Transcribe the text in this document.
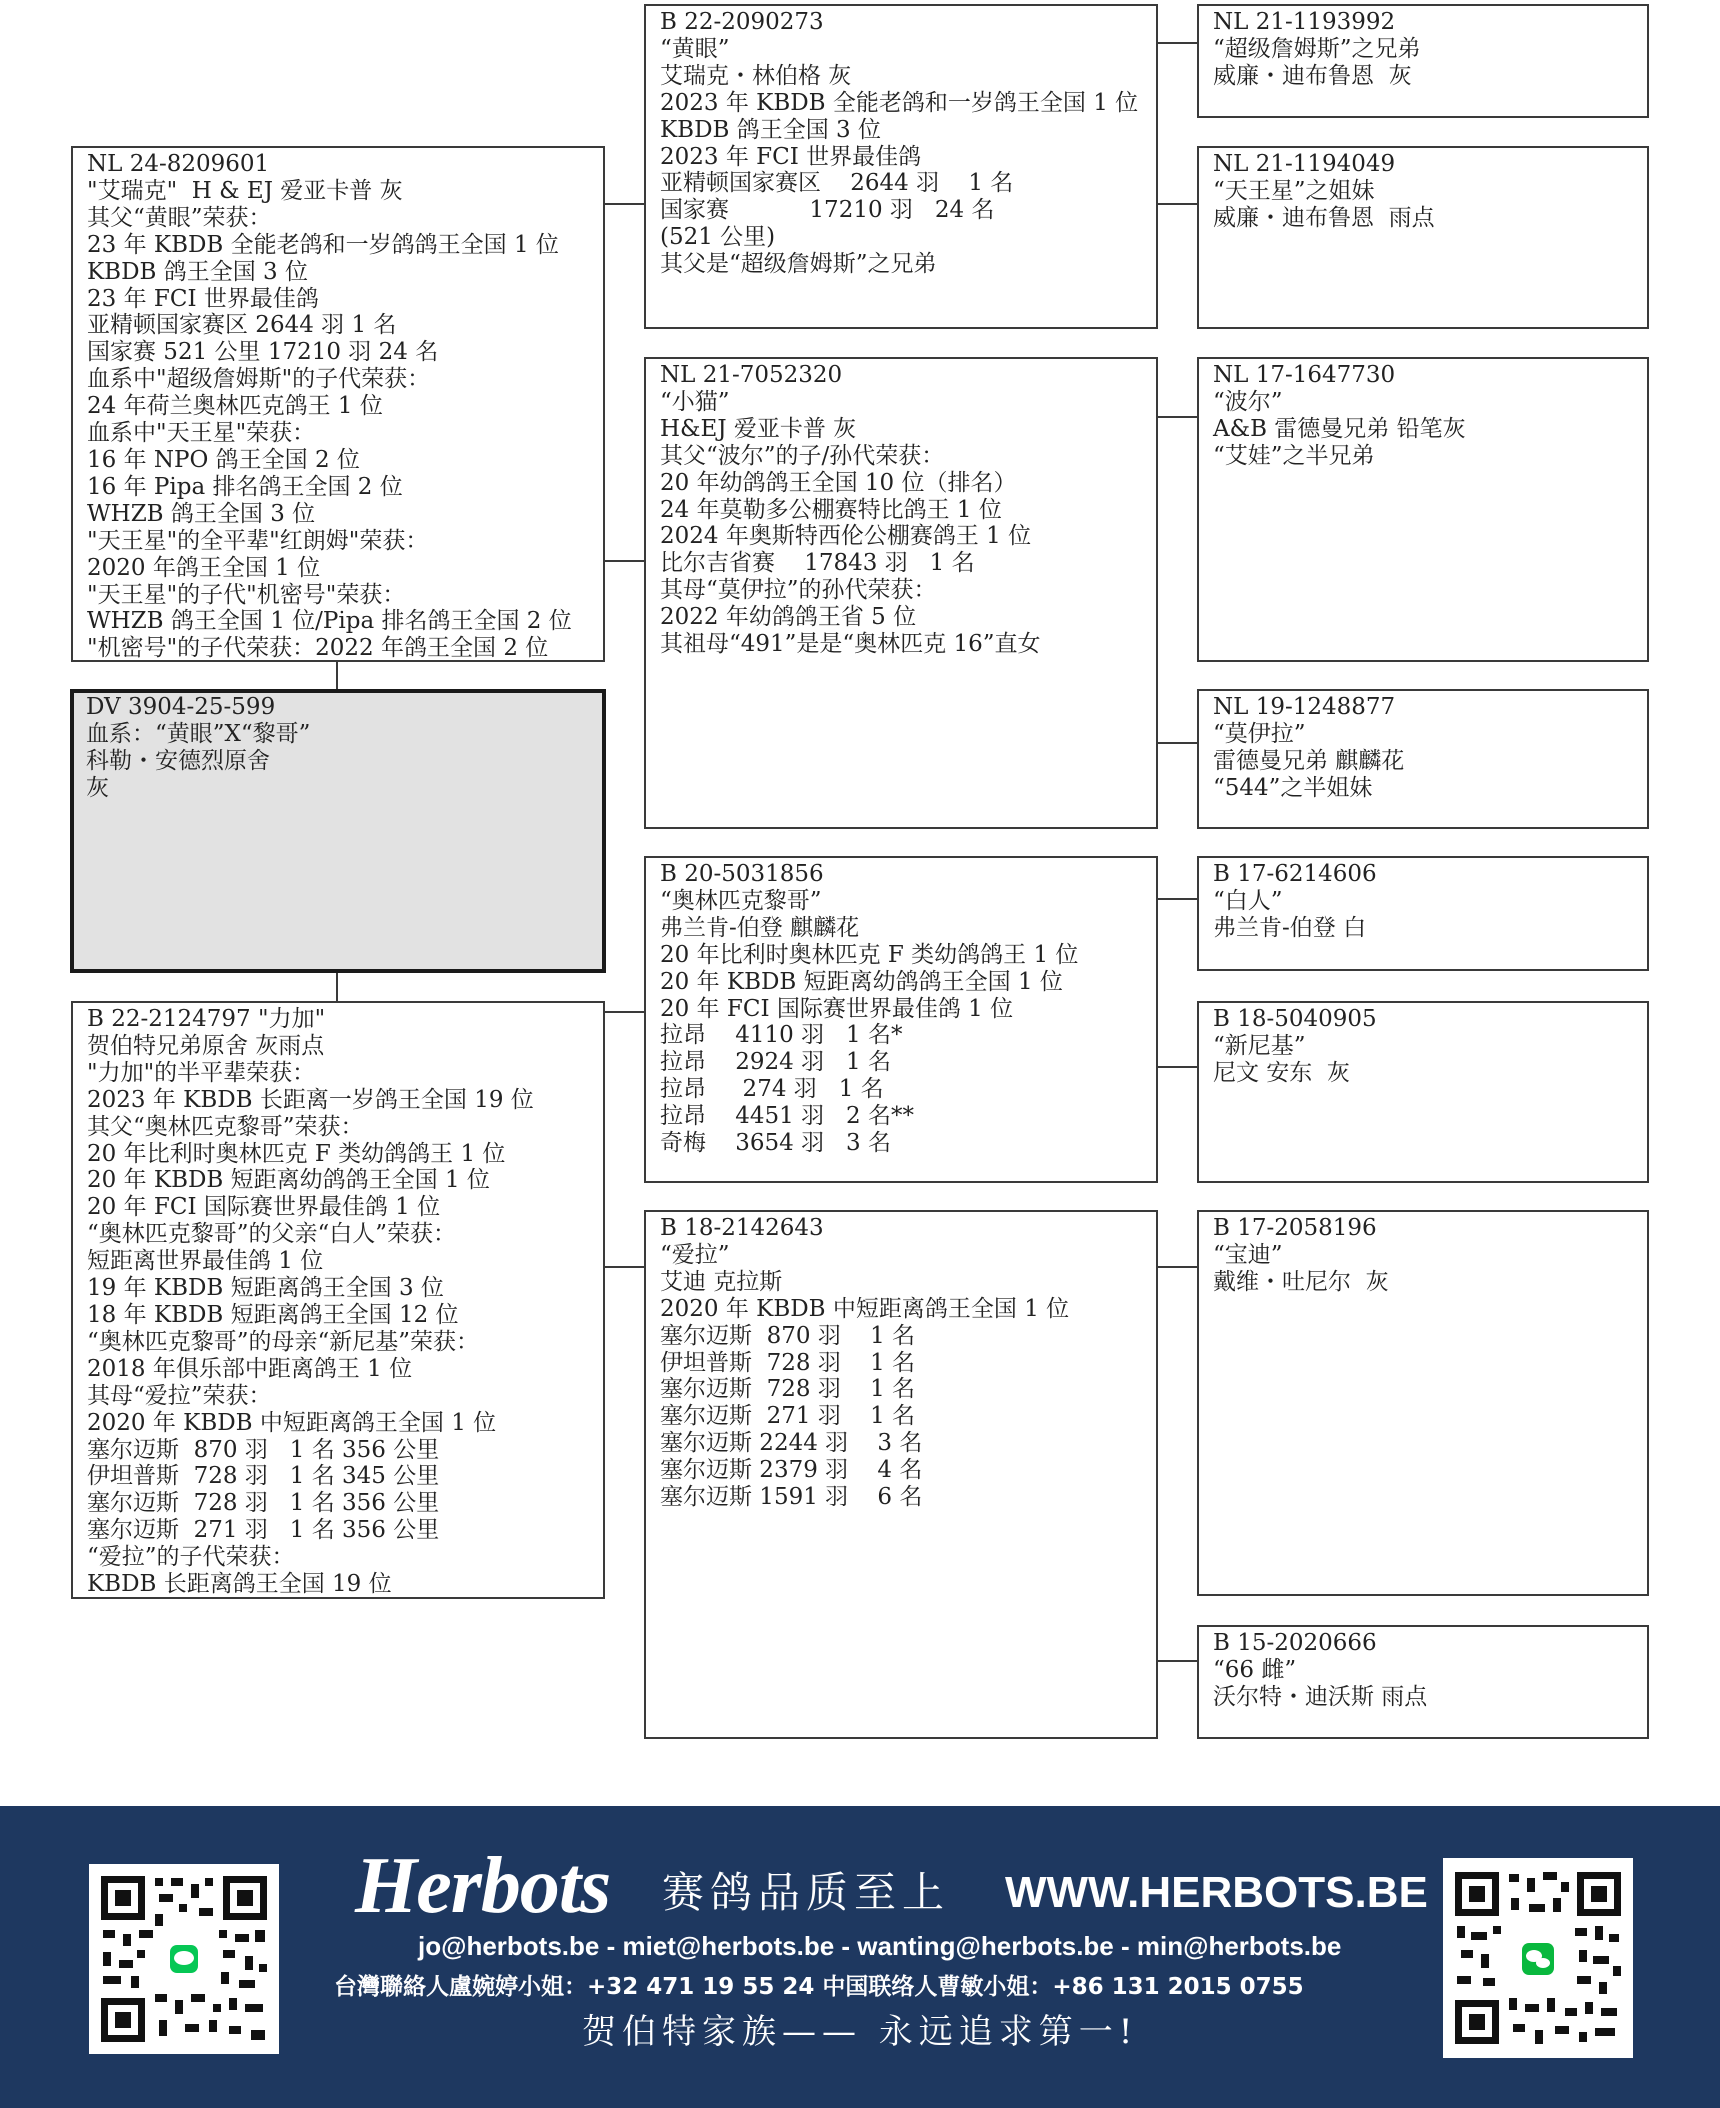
NL 24-8209601
"艾瑞克"  H & EJ 爱亚卡普 灰
其父“黄眼”荣获：
23 年 KBDB 全能老鸽和一岁鸽鸽王全国 1 位
KBDB 鸽王全国 3 位
23 年 FCI 世界最佳鸽
亚精顿国家赛区 2644 羽 1 名
国家赛 521 公里 17210 羽 24 名
血系中"超级詹姆斯"的子代荣获：
24 年荷兰奥林匹克鸽王 1 位
血系中"天王星"荣获：
16 年 NPO 鸽王全国 2 位
16 年 Pipa 排名鸽王全国 2 位
WHZB 鸽王全国 3 位
"天王星"的全平辈"红朗姆"荣获：
2020 年鸽王全国 1 位
"天王星"的子代"机密号"荣获：
WHZB 鸽王全国 1 位/Pipa 排名鸽王全国 2 位
"机密号"的子代荣获：2022 年鸽王全国 2 位
DV 3904-25-599
血系：“黄眼”X“黎哥”
科勒・安德烈原舍
灰
B 22-2124797 "力加"
贺伯特兄弟原舍 灰雨点
"力加"的半平辈荣获：
2023 年 KBDB 长距离一岁鸽王全国 19 位
其父“奥林匹克黎哥”荣获：
20 年比利时奥林匹克 F 类幼鸽鸽王 1 位
20 年 KBDB 短距离幼鸽鸽王全国 1 位
20 年 FCI 国际赛世界最佳鸽 1 位
“奥林匹克黎哥”的父亲“白人”荣获：
短距离世界最佳鸽 1 位
19 年 KBDB 短距离鸽王全国 3 位
18 年 KBDB 短距离鸽王全国 12 位
“奥林匹克黎哥”的母亲“新尼基”荣获：
2018 年俱乐部中距离鸽王 1 位
其母“爱拉”荣获：
2020 年 KBDB 中短距离鸽王全国 1 位
塞尔迈斯  870 羽   1 名 356 公里
伊坦普斯  728 羽   1 名 345 公里
塞尔迈斯  728 羽   1 名 356 公里
塞尔迈斯  271 羽   1 名 356 公里
“爱拉”的子代荣获：
KBDB 长距离鸽王全国 19 位
B 22-2090273
“黄眼”
艾瑞克・林伯格 灰
2023 年 KBDB 全能老鸽和一岁鸽王全国 1 位
KBDB 鸽王全国 3 位
2023 年 FCI 世界最佳鸽
亚精顿国家赛区    2644 羽    1 名
国家赛           17210 羽   24 名
(521 公里)
其父是“超级詹姆斯”之兄弟
NL 21-7052320
“小猫”
H&EJ 爱亚卡普 灰
其父“波尔”的子/孙代荣获：
20 年幼鸽鸽王全国 10 位（排名）
24 年莫勒多公棚赛特比鸽王 1 位
2024 年奥斯特西伦公棚赛鸽王 1 位
比尔吉省赛    17843 羽   1 名
其母“莫伊拉”的孙代荣获：
2022 年幼鸽鸽王省 5 位
其祖母“491”是是“奥林匹克 16”直女
B 20-5031856
“奥林匹克黎哥”
弗兰肯-伯登 麒麟花
20 年比利时奥林匹克 F 类幼鸽鸽王 1 位
20 年 KBDB 短距离幼鸽鸽王全国 1 位
20 年 FCI 国际赛世界最佳鸽 1 位
拉昂    4110 羽   1 名*
拉昂    2924 羽   1 名
拉昂     274 羽   1 名
拉昂    4451 羽   2 名**
奇梅    3654 羽   3 名
B 18-2142643
“爱拉”
艾迪 克拉斯
2020 年 KBDB 中短距离鸽王全国 1 位
塞尔迈斯  870 羽    1 名
伊坦普斯  728 羽    1 名
塞尔迈斯  728 羽    1 名
塞尔迈斯  271 羽    1 名
塞尔迈斯 2244 羽    3 名
塞尔迈斯 2379 羽    4 名
塞尔迈斯 1591 羽    6 名
NL 21-1193992
“超级詹姆斯”之兄弟
威廉・迪布鲁恩  灰
NL 21-1194049
“天王星”之姐妹
威廉・迪布鲁恩  雨点
NL 17-1647730
“波尔”
A&B 雷德曼兄弟 铅笔灰
“艾娃”之半兄弟
NL 19-1248877
“莫伊拉”
雷德曼兄弟 麒麟花
“544”之半姐妹
B 17-6214606
“白人”
弗兰肯-伯登 白
B 18-5040905
“新尼基”
尼文 安东  灰
B 17-2058196
“宝迪”
戴维・吐尼尔  灰
B 15-2020666
“66 雌”
沃尔特・迪沃斯 雨点
Herbots 赛鸽品质至上 WWW.HERBOTS.BE
jo@herbots.be - miet@herbots.be - wanting@herbots.be - min@herbots.be
台灣聯絡人盧婉婷小姐：+32 471 19 55 24 中国联络人曹敏小姐：+86 131 2015 0755
贺伯特家族—— 永远追求第一!
